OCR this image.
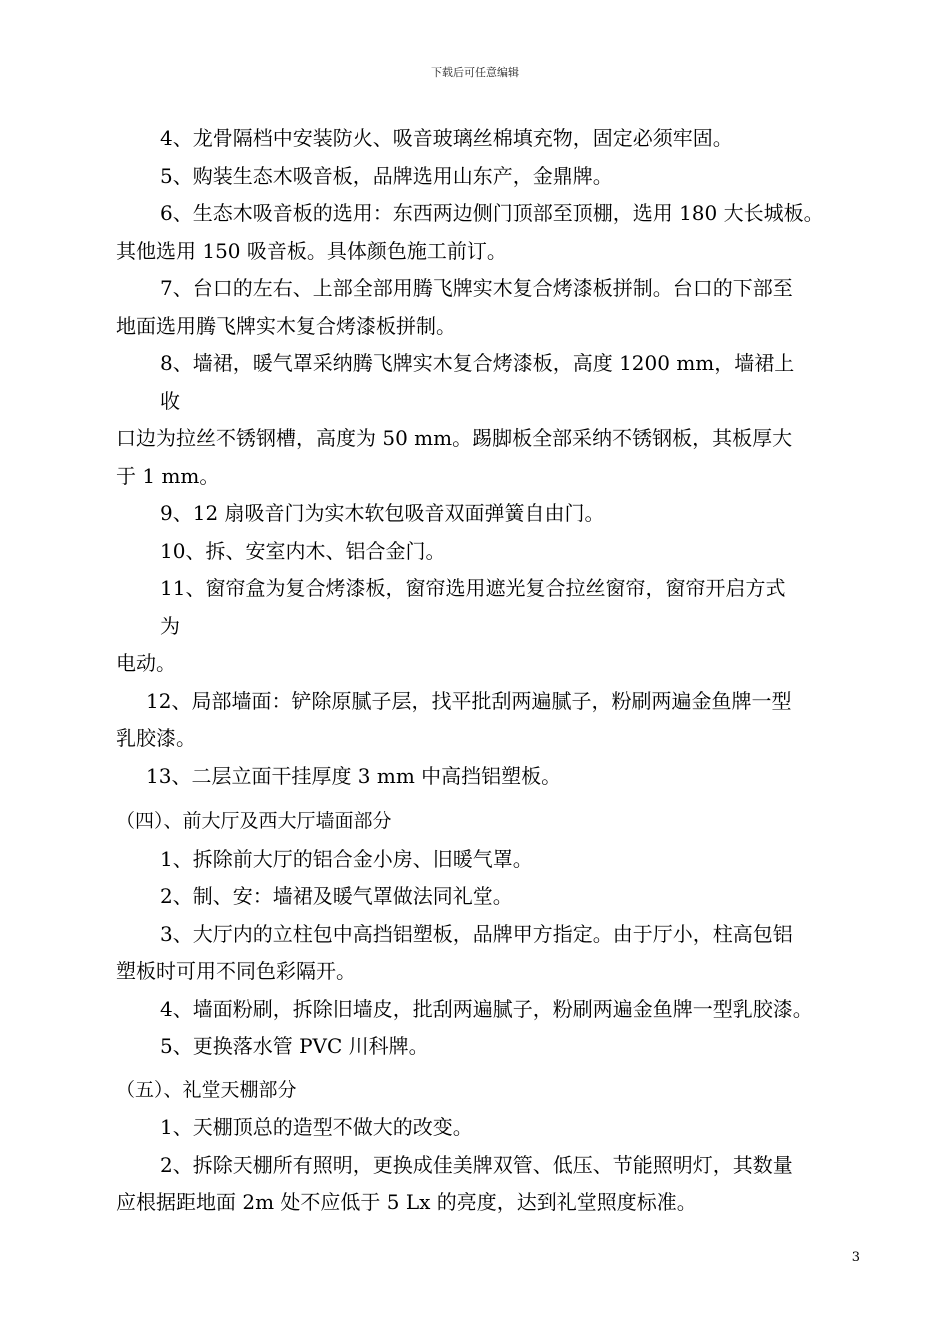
下载后可任意编辑
4、龙骨隔档中安装防火、吸音玻璃丝棉填充物，固定必须牢固。
5、购装生态木吸音板，品牌选用山东产，金鼎牌。
6、生态木吸音板的选用：东西两边侧门顶部至顶棚，选用 180 大长城板。
其他选用 150 吸音板。具体颜色施工前订。
7、台口的左右、上部全部用腾飞牌实木复合烤漆板拼制。台口的下部至
地面选用腾飞牌实木复合烤漆板拼制。
8、墙裙，暖气罩采纳腾飞牌实木复合烤漆板，高度 1200 mm，墙裙上
收
口边为拉丝不锈钢槽，高度为 50 mm。踢脚板全部采纳不锈钢板，其板厚大
于 1 mm。
9、12 扇吸音门为实木软包吸音双面弹簧自由门。
10、拆、安室内木、铝合金门。
11、窗帘盒为复合烤漆板，窗帘选用遮光复合拉丝窗帘，窗帘开启方式
为
电动。
12、局部墙面：铲除原腻子层，找平批刮两遍腻子，粉刷两遍金鱼牌一型
乳胶漆。
13、二层立面干挂厚度 3 mm 中高挡铝塑板。
（四）、前大厅及西大厅墙面部分
1、拆除前大厅的铝合金小房、旧暖气罩。
2、制、安：墙裙及暖气罩做法同礼堂。
3、大厅内的立柱包中高挡铝塑板，品牌甲方指定。由于厅小，柱高包铝
塑板时可用不同色彩隔开。
4、墙面粉刷，拆除旧墙皮，批刮两遍腻子，粉刷两遍金鱼牌一型乳胶漆。
5、更换落水管 PVC 川科牌。
（五）、礼堂天棚部分
1、天棚顶总的造型不做大的改变。
2、拆除天棚所有照明，更换成佳美牌双管、低压、节能照明灯，其数量
应根据距地面 2m 处不应低于 5 Lx 的亮度，达到礼堂照度标准。
3
